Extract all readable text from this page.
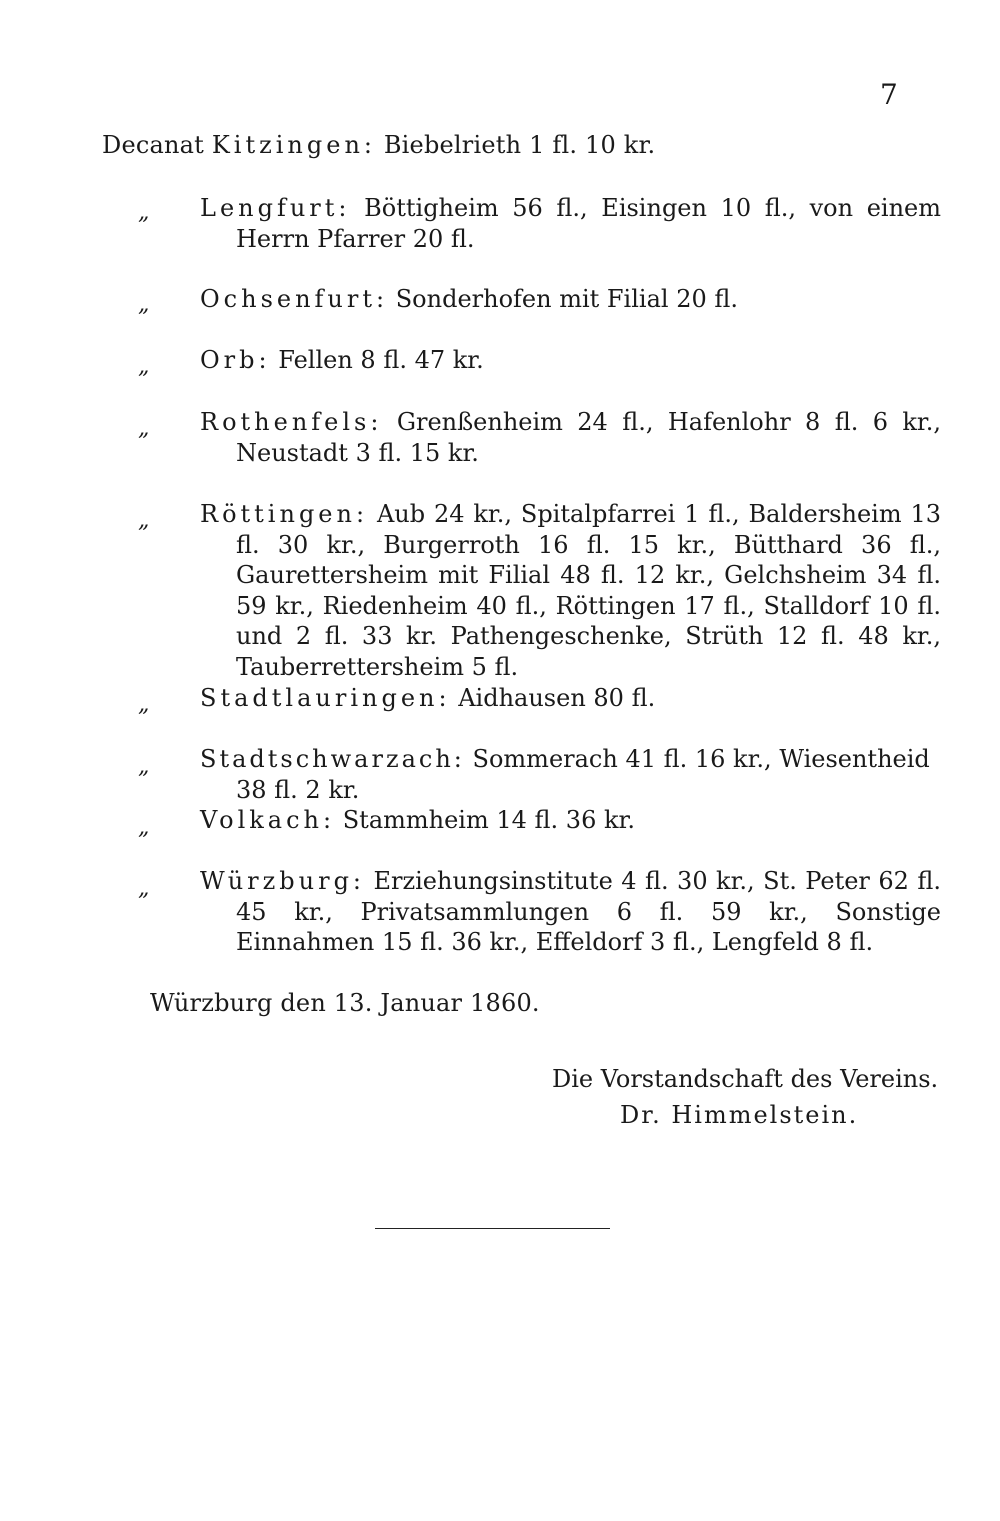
7
Decanat Kitzingen: Biebelrieth 1 fl. 10 kr.
„ Lengfurt: Böttigheim 56 fl., Eisingen 10 fl., von einem Herrn Pfarrer 20 fl.
„ Ochsenfurt: Sonderhofen mit Filial 20 fl.
„ Orb: Fellen 8 fl. 47 kr.
„ Rothenfels: Grenßenheim 24 fl., Hafenlohr 8 fl. 6 kr., Neustadt 3 fl. 15 kr.
„ Röttingen: Aub 24 kr., Spitalpfarrei 1 fl., Baldersheim 13 fl. 30 kr., Burgerroth 16 fl. 15 kr., Bütthard 36 fl., Gaurettersheim mit Filial 48 fl. 12 kr., Gelchsheim 34 fl. 59 kr., Riedenheim 40 fl., Röttingen 17 fl., Stalldorf 10 fl. und 2 fl. 33 kr. Pathengeschenke, Strüth 12 fl. 48 kr., Tauberrettersheim 5 fl.
„ Stadtlauringen: Aidhausen 80 fl.
„ Stadtschwarzach: Sommerach 41 fl. 16 kr., Wiesentheid 38 fl. 2 kr.
„ Volkach: Stammheim 14 fl. 36 kr.
„ Würzburg: Erziehungsinstitute 4 fl. 30 kr., St. Peter 62 fl. 45 kr., Privatsammlungen 6 fl. 59 kr., Sonstige Einnahmen 15 fl. 36 kr., Effeldorf 3 fl., Lengfeld 8 fl.
Würzburg den 13. Januar 1860.
Die Vorstandschaft des Vereins.
Dr. Himmelstein.
